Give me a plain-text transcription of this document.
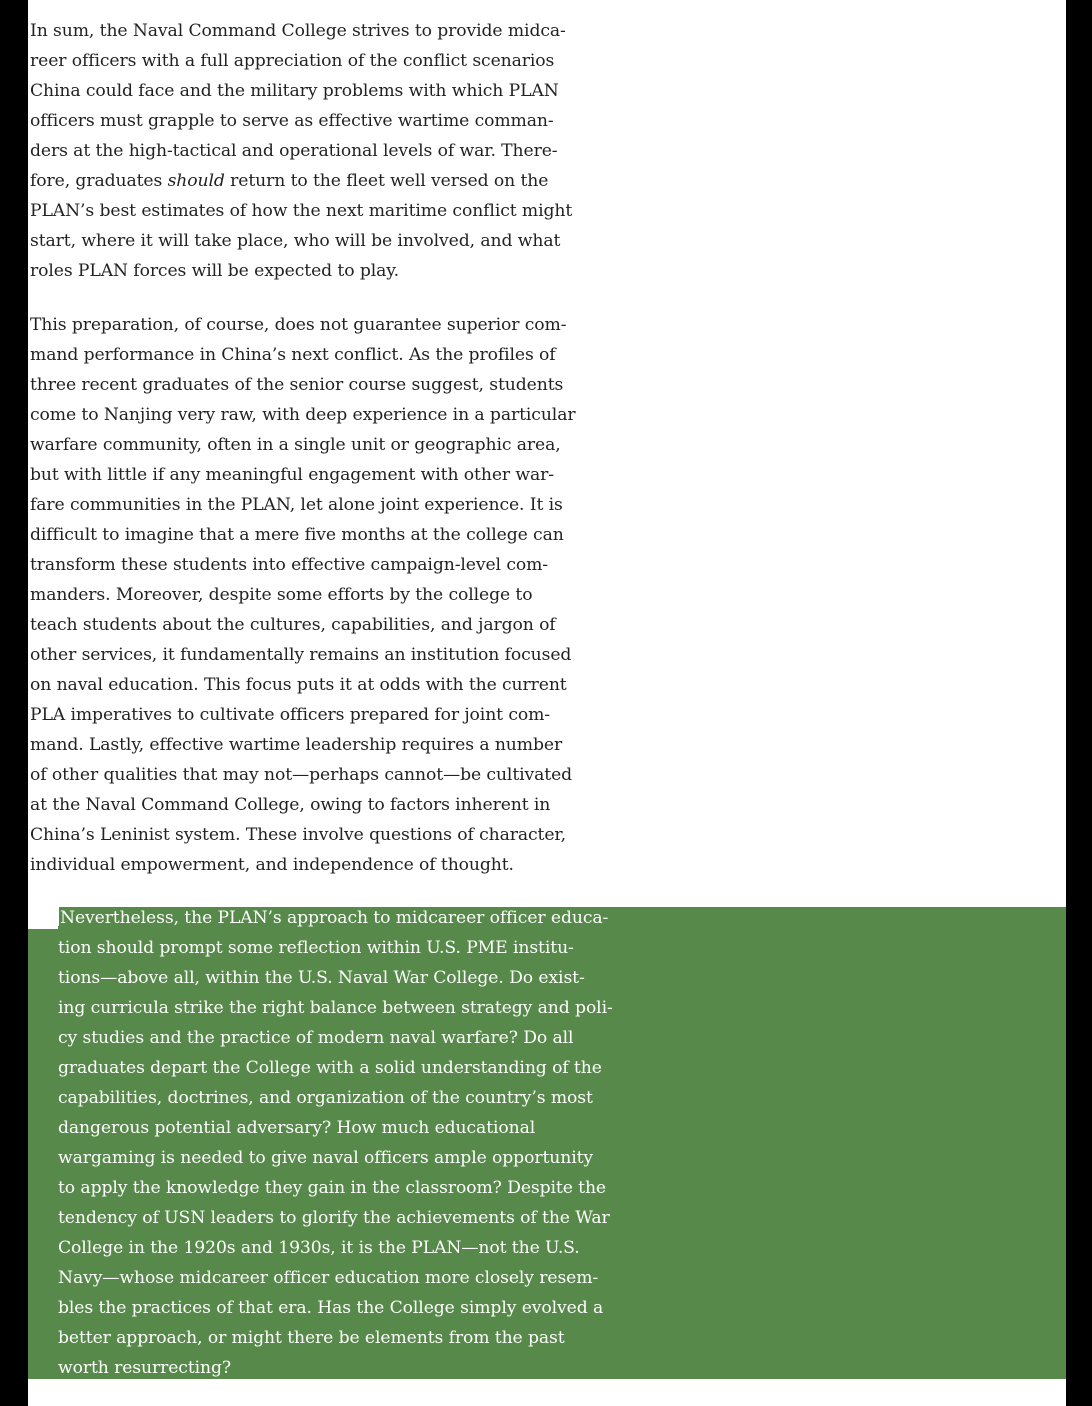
In sum, the Naval Command College strives to provide midca-
reer officers with a full appreciation of the conflict scenarios
China could face and the military problems with which PLAN
officers must grapple to serve as effective wartime comman-
ders at the high-tactical and operational levels of war. There-
fore, graduates should return to the fleet well versed on the
PLAN’s best estimates of how the next maritime conflict might
start, where it will take place, who will be involved, and what
roles PLAN forces will be expected to play.

This preparation, of course, does not guarantee superior com-
mand performance in China’s next conflict. As the profiles of
three recent graduates of the senior course suggest, students
come to Nanjing very raw, with deep experience in a particular
warfare community, often in a single unit or geographic area,
but with little if any meaningful engagement with other war-
fare communities in the PLAN, let alone joint experience. It is
difficult to imagine that a mere five months at the college can
transform these students into effective campaign-level com-
manders. Moreover, despite some efforts by the college to
teach students about the cultures, capabilities, and jargon of
other services, it fundamentally remains an institution focused
on naval education. This focus puts it at odds with the current
PLA imperatives to cultivate officers prepared for joint com-
mand. Lastly, effective wartime leadership requires a number
of other qualities that may not—perhaps cannot—be cultivated
at the Naval Command College, owing to factors inherent in
China’s Leninist system. These involve questions of character,
individual empowerment, and independence of thought.

Nevertheless, the PLAN’s approach to midcareer officer educa-
tion should prompt some reflection within U.S. PME institu-
tions—above all, within the U.S. Naval War College. Do exist-
ing curricula strike the right balance between strategy and poli-
cy studies and the practice of modern naval warfare? Do all
graduates depart the College with a solid understanding of the
capabilities, doctrines, and organization of the country’s most
dangerous potential adversary? How much educational
wargaming is needed to give naval officers ample opportunity
to apply the knowledge they gain in the classroom? Despite the
tendency of USN leaders to glorify the achievements of the War
College in the 1920s and 1930s, it is the PLAN—not the U.S.
Navy—whose midcareer officer education more closely resem-
bles the practices of that era. Has the College simply evolved a
better approach, or might there be elements from the past
worth resurrecting?
